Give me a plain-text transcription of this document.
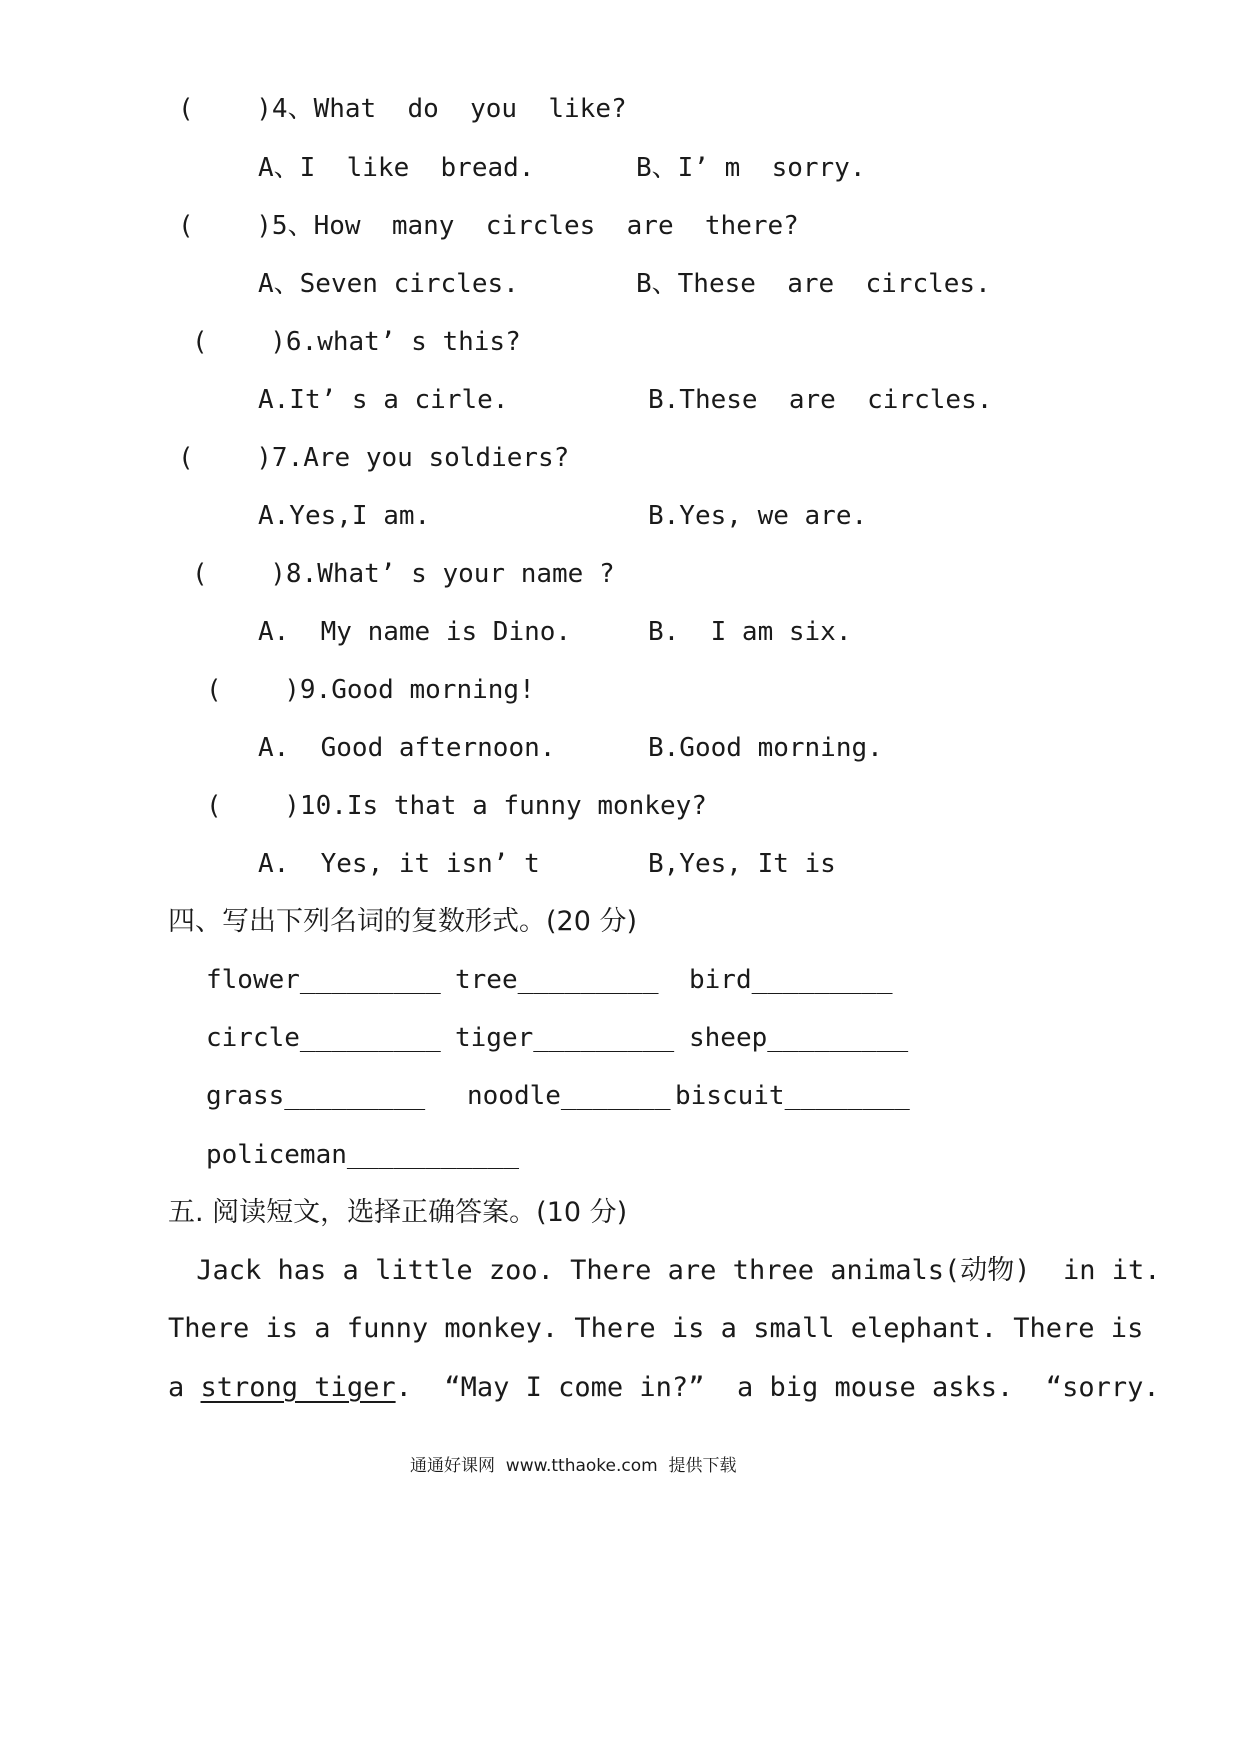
(    )4、What  do  you  like?
A、I  like  bread.	B、I’ m  sorry.
(    )5、How  many  circles  are  there?
A、Seven circles.	B、These  are  circles.
(    )6.what’ s this?
A.It’ s a cirle.	B.These  are  circles.
(    )7.Are you soldiers?
A.Yes,I am.	B.Yes, we are.
(    )8.What’ s your name ?
A.  My name is Dino.	B.  I am six.
(    )9.Good morning!
A.  Good afternoon.	B.Good morning.
(    )10.Is that a funny monkey?
A.  Yes, it isn’ t	B,Yes, It is
四、写出下列名词的复数形式。(20 分)
flower_________ tree_________ bird_________
circle_________ tiger_________ sheep_________
grass_________ noodle_______ biscuit________
policeman___________
五. 阅读短文，选择正确答案。(10 分)
Jack has a little zoo. There are three animals(动物)  in it.
There is a funny monkey. There is a small elephant. There is
a strong tiger.  “May I come in?”  a big mouse asks.  “sorry.
通通好课网  www.tthaoke.com  提供下载
